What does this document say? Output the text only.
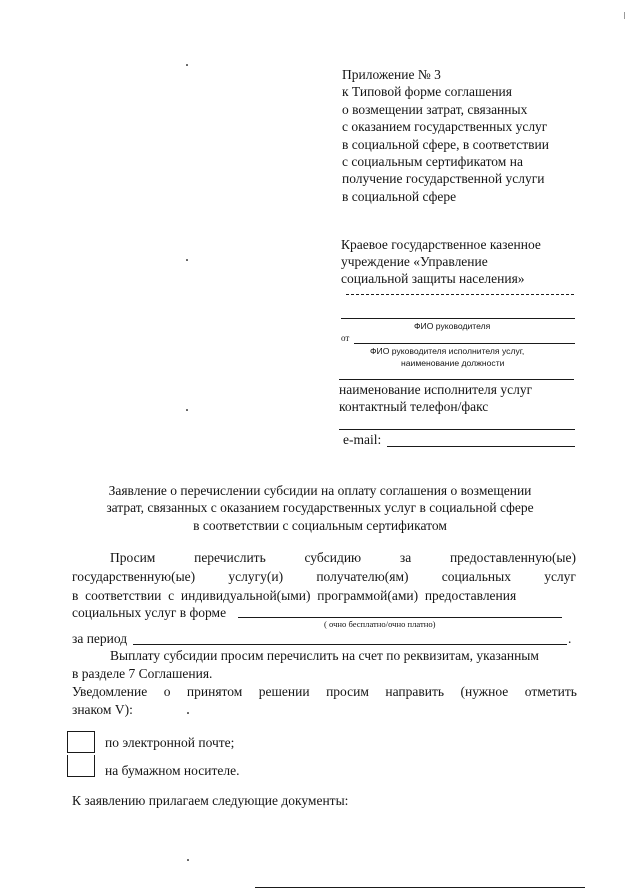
Приложение № 3
к Типовой форме соглашения
о возмещении затрат, связанных
с оказанием государственных услуг
в социальной сфере, в соответствии
с социальным сертификатом на
получение государственной услуги
в социальной сфере
Краевое государственное казенное
учреждение «Управление
социальной защиты населения»
ФИО руководителя
от
ФИО руководителя исполнителя услуг,
наименование должности
наименование исполнителя услуг
контактный телефон/факс
e-mail:
Заявление о перечислении субсидии на оплату соглашения о возмещении
затрат, связанных с оказанием государственных услуг в социальной сфере
в соответствии с социальным сертификатом
Просим	перечислить	субсидию	за	предоставленную(ые)
государственную(ые) услугу(и) получателю(ям) социальных услуг
в  соответствии  с  индивидуальной(ыми)  программой(ами)  предоставления
социальных услуг в форме
( очно бесплатно/очно платно)
за период	.
Выплату субсидии просим перечислить на счет по реквизитам, указанным
в разделе 7 Соглашения.
Уведомление о принятом решении просим направить (нужное отметить
знаком V):
по электронной почте;
на бумажном носителе.
К заявлению прилагаем следующие документы:
